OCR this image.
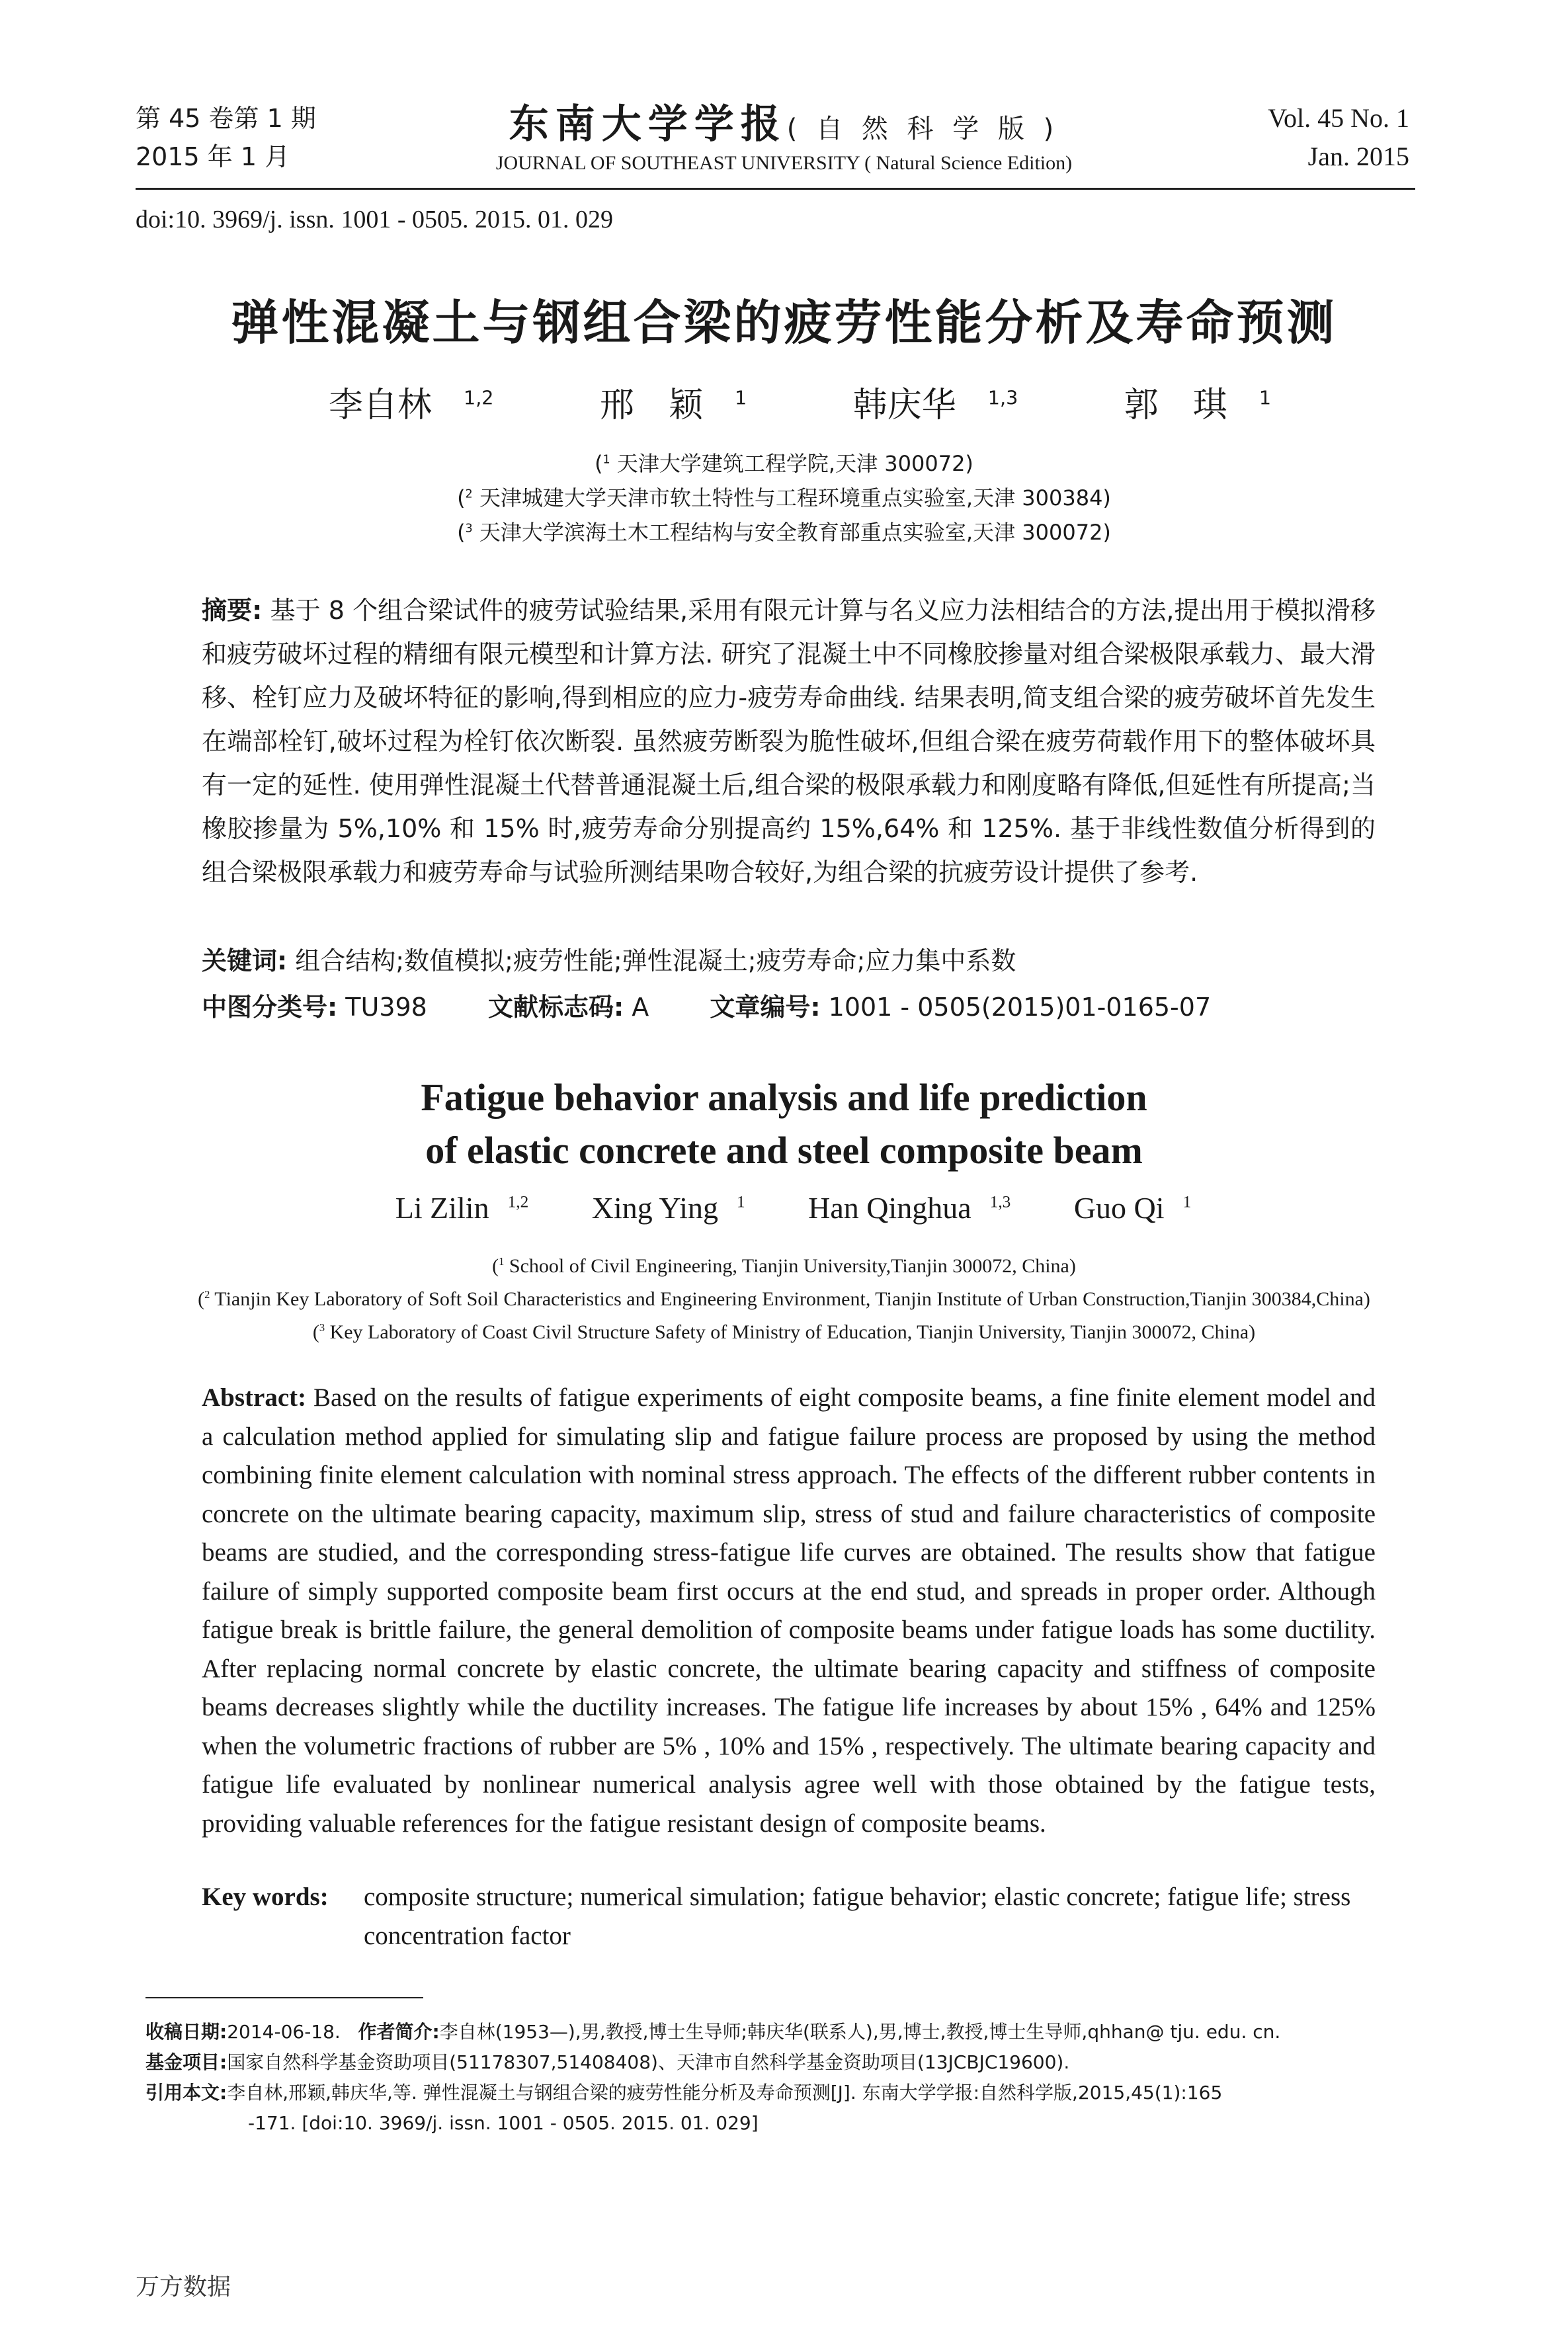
第 45 卷第 1 期
2015 年 1 月
东南大学学报( 自 然 科 学 版 )
JOURNAL OF SOUTHEAST UNIVERSITY ( Natural Science Edition)
Vol. 45 No. 1
Jan. 2015
doi:10. 3969/j. issn. 1001 - 0505. 2015. 01. 029
弹性混凝土与钢组合梁的疲劳性能分析及寿命预测
李自林 $^{1,2}$	邢　颖 $^1$	韩庆华 $^{1,3}$	郭　琪 $^1$
($^1$ 天津大学建筑工程学院,天津 300072)
($^2$ 天津城建大学天津市软土特性与工程环境重点实验室,天津 300384)
($^3$ 天津大学滨海土木工程结构与安全教育部重点实验室,天津 300072)
摘要: 基于 8 个组合梁试件的疲劳试验结果,采用有限元计算与名义应力法相结合的方法,提出用于模拟滑移和疲劳破坏过程的精细有限元模型和计算方法. 研究了混凝土中不同橡胶掺量对组合梁极限承载力、最大滑移、栓钉应力及破坏特征的影响,得到相应的应力-疲劳寿命曲线. 结果表明,简支组合梁的疲劳破坏首先发生在端部栓钉,破坏过程为栓钉依次断裂. 虽然疲劳断裂为脆性破坏,但组合梁在疲劳荷载作用下的整体破坏具有一定的延性. 使用弹性混凝土代替普通混凝土后,组合梁的极限承载力和刚度略有降低,但延性有所提高;当橡胶掺量为 5%,10% 和 15% 时,疲劳寿命分别提高约 15%,64% 和 125%. 基于非线性数值分析得到的组合梁极限承载力和疲劳寿命与试验所测结果吻合较好,为组合梁的抗疲劳设计提供了参考.
关键词: 组合结构;数值模拟;疲劳性能;弹性混凝土;疲劳寿命;应力集中系数
中图分类号: TU398 文献标志码: A 文章编号: 1001 - 0505(2015)01-0165-07
Fatigue behavior analysis and life prediction
of elastic concrete and steel composite beam
Li Zilin $^{1,2}$ Xing Ying $^1$ Han Qinghua $^{1,3}$ Guo Qi $^1$
($^1$ School of Civil Engineering, Tianjin University,Tianjin 300072, China)
($^2$ Tianjin Key Laboratory of Soft Soil Characteristics and Engineering Environment, Tianjin Institute of Urban Construction,Tianjin 300384,China)
($^3$ Key Laboratory of Coast Civil Structure Safety of Ministry of Education, Tianjin University, Tianjin 300072, China)
Abstract: Based on the results of fatigue experiments of eight composite beams, a fine finite element model and a calculation method applied for simulating slip and fatigue failure process are proposed by using the method combining finite element calculation with nominal stress approach. The effects of the different rubber contents in concrete on the ultimate bearing capacity, maximum slip, stress of stud and failure characteristics of composite beams are studied, and the corresponding stress-fatigue life curves are obtained. The results show that fatigue failure of simply supported composite beam first occurs at the end stud, and spreads in proper order. Although fatigue break is brittle failure, the general demolition of composite beams under fatigue loads has some ductility. After replacing normal concrete by elastic concrete, the ultimate bearing capacity and stiffness of composite beams decreases slightly while the ductility increases. The fatigue life increases by about 15% , 64% and 125% when the volumetric fractions of rubber are 5% , 10% and 15% , respectively. The ultimate bearing capacity and fatigue life evaluated by nonlinear numerical analysis agree well with those obtained by the fatigue tests, providing valuable references for the fatigue resistant design of composite beams.
Key words: composite structure; numerical simulation; fatigue behavior; elastic concrete; fatigue life; stress concentration factor
收稿日期:2014-06-18. 作者简介:李自林(1953—),男,教授,博士生导师;韩庆华(联系人),男,博士,教授,博士生导师,qhhan@ tju. edu. cn.
基金项目:国家自然科学基金资助项目(51178307,51408408)、天津市自然科学基金资助项目(13JCBJC19600).
引用本文:李自林,邢颖,韩庆华,等. 弹性混凝土与钢组合梁的疲劳性能分析及寿命预测[J]. 东南大学学报:自然科学版,2015,45(1):165
-171. [doi:10. 3969/j. issn. 1001 - 0505. 2015. 01. 029]
万方数据
